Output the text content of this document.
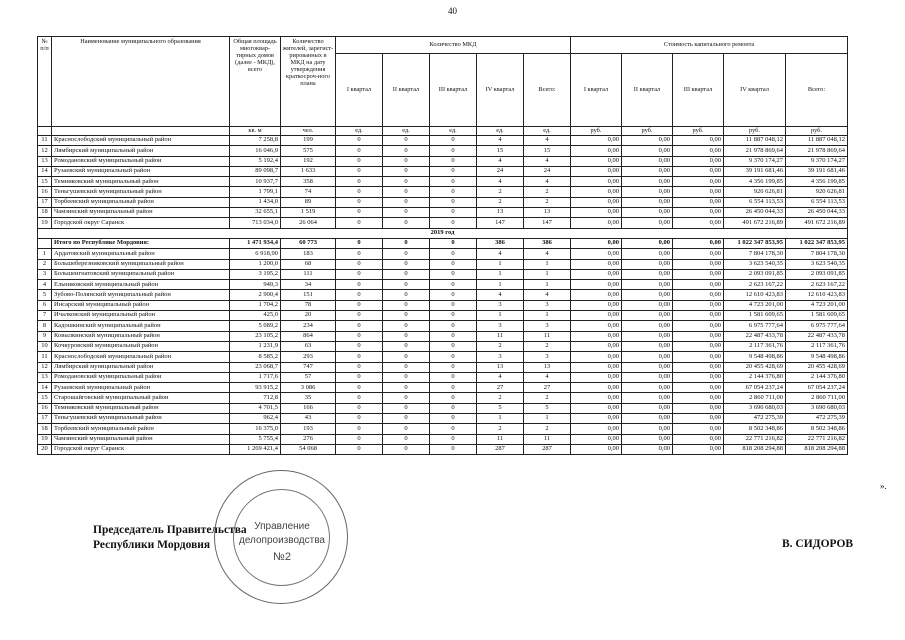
40
№ п/п	Наименование муниципального образования	Общая площадь многоквар-тирных домов (далее - МКД), всего	Количество жителей, зарегист-рированных в МКД на дату утверждения краткосроч-ного плана	Количество МКД					Стоимость капитального ремонта				
				I квартал	II квартал	III квартал	IV квартал	Всего:	I квартал	II квартал	III квартал	IV квартал	Всего:
		кв. м	чел.	ед.	ед.	ед.	ед.	ед.	руб.	руб.	руб.	руб.	руб.
11	Краснослободский муниципальный район	7 258,8	199	0	0	0	4	4	0,00	0,00	0,00	11 887 048,12	11 887 048,12
12	Лямбирский муниципальный район	16 046,9	575	0	0	0	15	15	0,00	0,00	0,00	21 978 869,64	21 978 869,64
13	Ромодановский муниципальный район	5 192,4	192	0	0	0	4	4	0,00	0,00	0,00	9 370 174,27	9 370 174,27
14	Рузаевский муниципальный район	89 098,7	1 633	0	0	0	24	24	0,00	0,00	0,00	39 191 681,46	39 191 681,46
15	Темниковский муниципальный район	10 937,7	358	0	0	0	4	4	0,00	0,00	0,00	4 356 199,85	4 356 199,85
16	Теньгушевский муниципальный район	1 799,1	74	0	0	0	2	2	0,00	0,00	0,00	920 626,81	920 626,81
17	Торбеевский муниципальный район	1 434,0	89	0	0	0	2	2	0,00	0,00	0,00	6 554 113,53	6 554 113,53
18	Чамзинский муниципальный район	32 655,1	1 519	0	0	0	13	13	0,00	0,00	0,00	26 450 044,33	26 450 044,33
19	Городской округ Саранск	713 034,0	26 064	0	0	0	147	147	0,00	0,00	0,00	491 672 216,89	491 672 216,89
2019 год													
	Итого по Республике Мордовия:	1 471 934,4	60 773	0	0	0	386	386	0,00	0,00	0,00	1 022 347 853,95	1 022 347 853,95
1	Ардатовский муниципальный район	6 918,90	183	0	0	0	4	4	0,00	0,00	0,00	7 804 178,30	7 804 178,30
2	Большеберезниковский муниципальный район	1 200,0	68	0	0	0	1	1	0,00	0,00	0,00	3 623 540,35	3 623 540,35
3	Большеигнатовский муниципальный район	3 195,2	111	0	0	0	1	1	0,00	0,00	0,00	2 093 091,85	2 093 091,85
4	Ельниковский муниципальный район	949,3	34	0	0	0	1	1	0,00	0,00	0,00	2 623 167,22	2 623 167,22
5	Зубово-Полянский муниципальный район	2 900,4	151	0	0	0	4	4	0,00	0,00	0,00	12 610 423,83	12 610 423,83
6	Инсарский муниципальный район	1 704,2	78	0	0	0	3	3	0,00	0,00	0,00	4 723 201,00	4 723 201,00
7	Ичалковский муниципальный район	425,0	20	0	0	0	1	1	0,00	0,00	0,00	1 581 609,65	1 581 609,65
8	Кадошкинский муниципальный район	5 089,2	234	0	0	0	3	3	0,00	0,00	0,00	6 975 777,64	6 975 777,64
9	Ковылкинский муниципальный район	23 105,2	864	0	0	0	11	11	0,00	0,00	0,00	22 487 433,78	22 487 433,78
10	Кочкуровский муниципальный район	1 231,9	63	0	0	0	2	2	0,00	0,00	0,00	2 117 361,76	2 117 361,76
11	Краснослободский муниципальный район	8 585,2	293	0	0	0	3	3	0,00	0,00	0,00	9 548 498,86	9 548 498,86
12	Лямбирский муниципальный район	23 068,7	747	0	0	0	13	13	0,00	0,00	0,00	20 455 428,69	20 455 428,69
13	Ромодановский муниципальный район	1 717,6	57	0	0	0	4	4	0,00	0,00	0,00	2 144 376,80	2 144 376,80
14	Рузаевский муниципальный район	93 915,2	3 086	0	0	0	27	27	0,00	0,00	0,00	67 054 237,24	67 054 237,24
15	Старошайговский муниципальный район	712,8	35	0	0	0	2	2	0,00	0,00	0,00	2 860 711,00	2 860 711,00
16	Темниковский муниципальный район	4 701,5	166	0	0	0	5	5	0,00	0,00	0,00	3 690 680,03	3 690 680,03
17	Теньгушевский муниципальный район	962,4	43	0	0	0	1	1	0,00	0,00	0,00	472 275,39	472 275,39
18	Торбеевский муниципальный район	16 375,0	193	0	0	0	2	2	0,00	0,00	0,00	8 502 348,86	8 502 348,86
19	Чамзинский муниципальный район	5 755,4	276	0	0	0	11	11	0,00	0,00	0,00	22 771 216,82	22 771 216,82
20	Городской округ Саранск	1 269 421,4	54 068	0	0	0	287	287	0,00	0,00	0,00	818 208 294,88	818 208 294,88
».
Управление
делопроизводства
№2
Председатель Правительства
Республики Мордовия	В. СИДОРОВ
